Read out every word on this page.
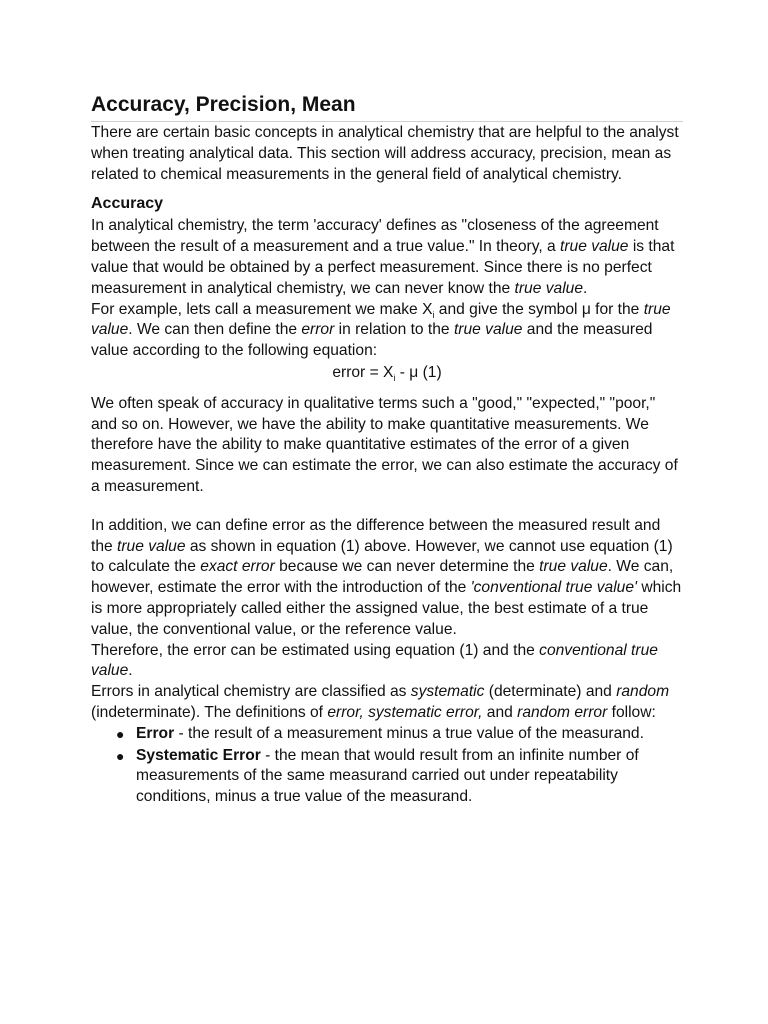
Accuracy, Precision, Mean

There are certain basic concepts in analytical chemistry that are helpful to the analyst when treating analytical data. This section will address accuracy, precision, mean as related to chemical measurements in the general field of analytical chemistry.

Accuracy

In analytical chemistry, the term 'accuracy' defines as "closeness of the agreement between the result of a measurement and a true value." In theory, a true value is that value that would be obtained by a perfect measurement. Since there is no perfect measurement in analytical chemistry, we can never know the true value.

For example, lets call a measurement we make $X_i$ and give the symbol μ for the true value. We can then define the error in relation to the true value and the measured value according to the following equation:

error = $X_i$ - μ (1)

We often speak of accuracy in qualitative terms such a "good," "expected," "poor," and so on. However, we have the ability to make quantitative measurements. We therefore have the ability to make quantitative estimates of the error of a given measurement. Since we can estimate the error, we can also estimate the accuracy of a measurement.

In addition, we can define error as the difference between the measured result and the true value as shown in equation (1) above. However, we cannot use equation (1) to calculate the exact error because we can never determine the true value. We can, however, estimate the error with the introduction of the 'conventional true value' which is more appropriately called either the assigned value, the best estimate of a true value, the conventional value, or the reference value.

Therefore, the error can be estimated using equation (1) and the conventional true value.

Errors in analytical chemistry are classified as systematic (determinate) and random (indeterminate). The definitions of error, systematic error, and random error follow:

● Error - the result of a measurement minus a true value of the measurand.
● Systematic Error - the mean that would result from an infinite number of measurements of the same measurand carried out under repeatability conditions, minus a true value of the measurand.
